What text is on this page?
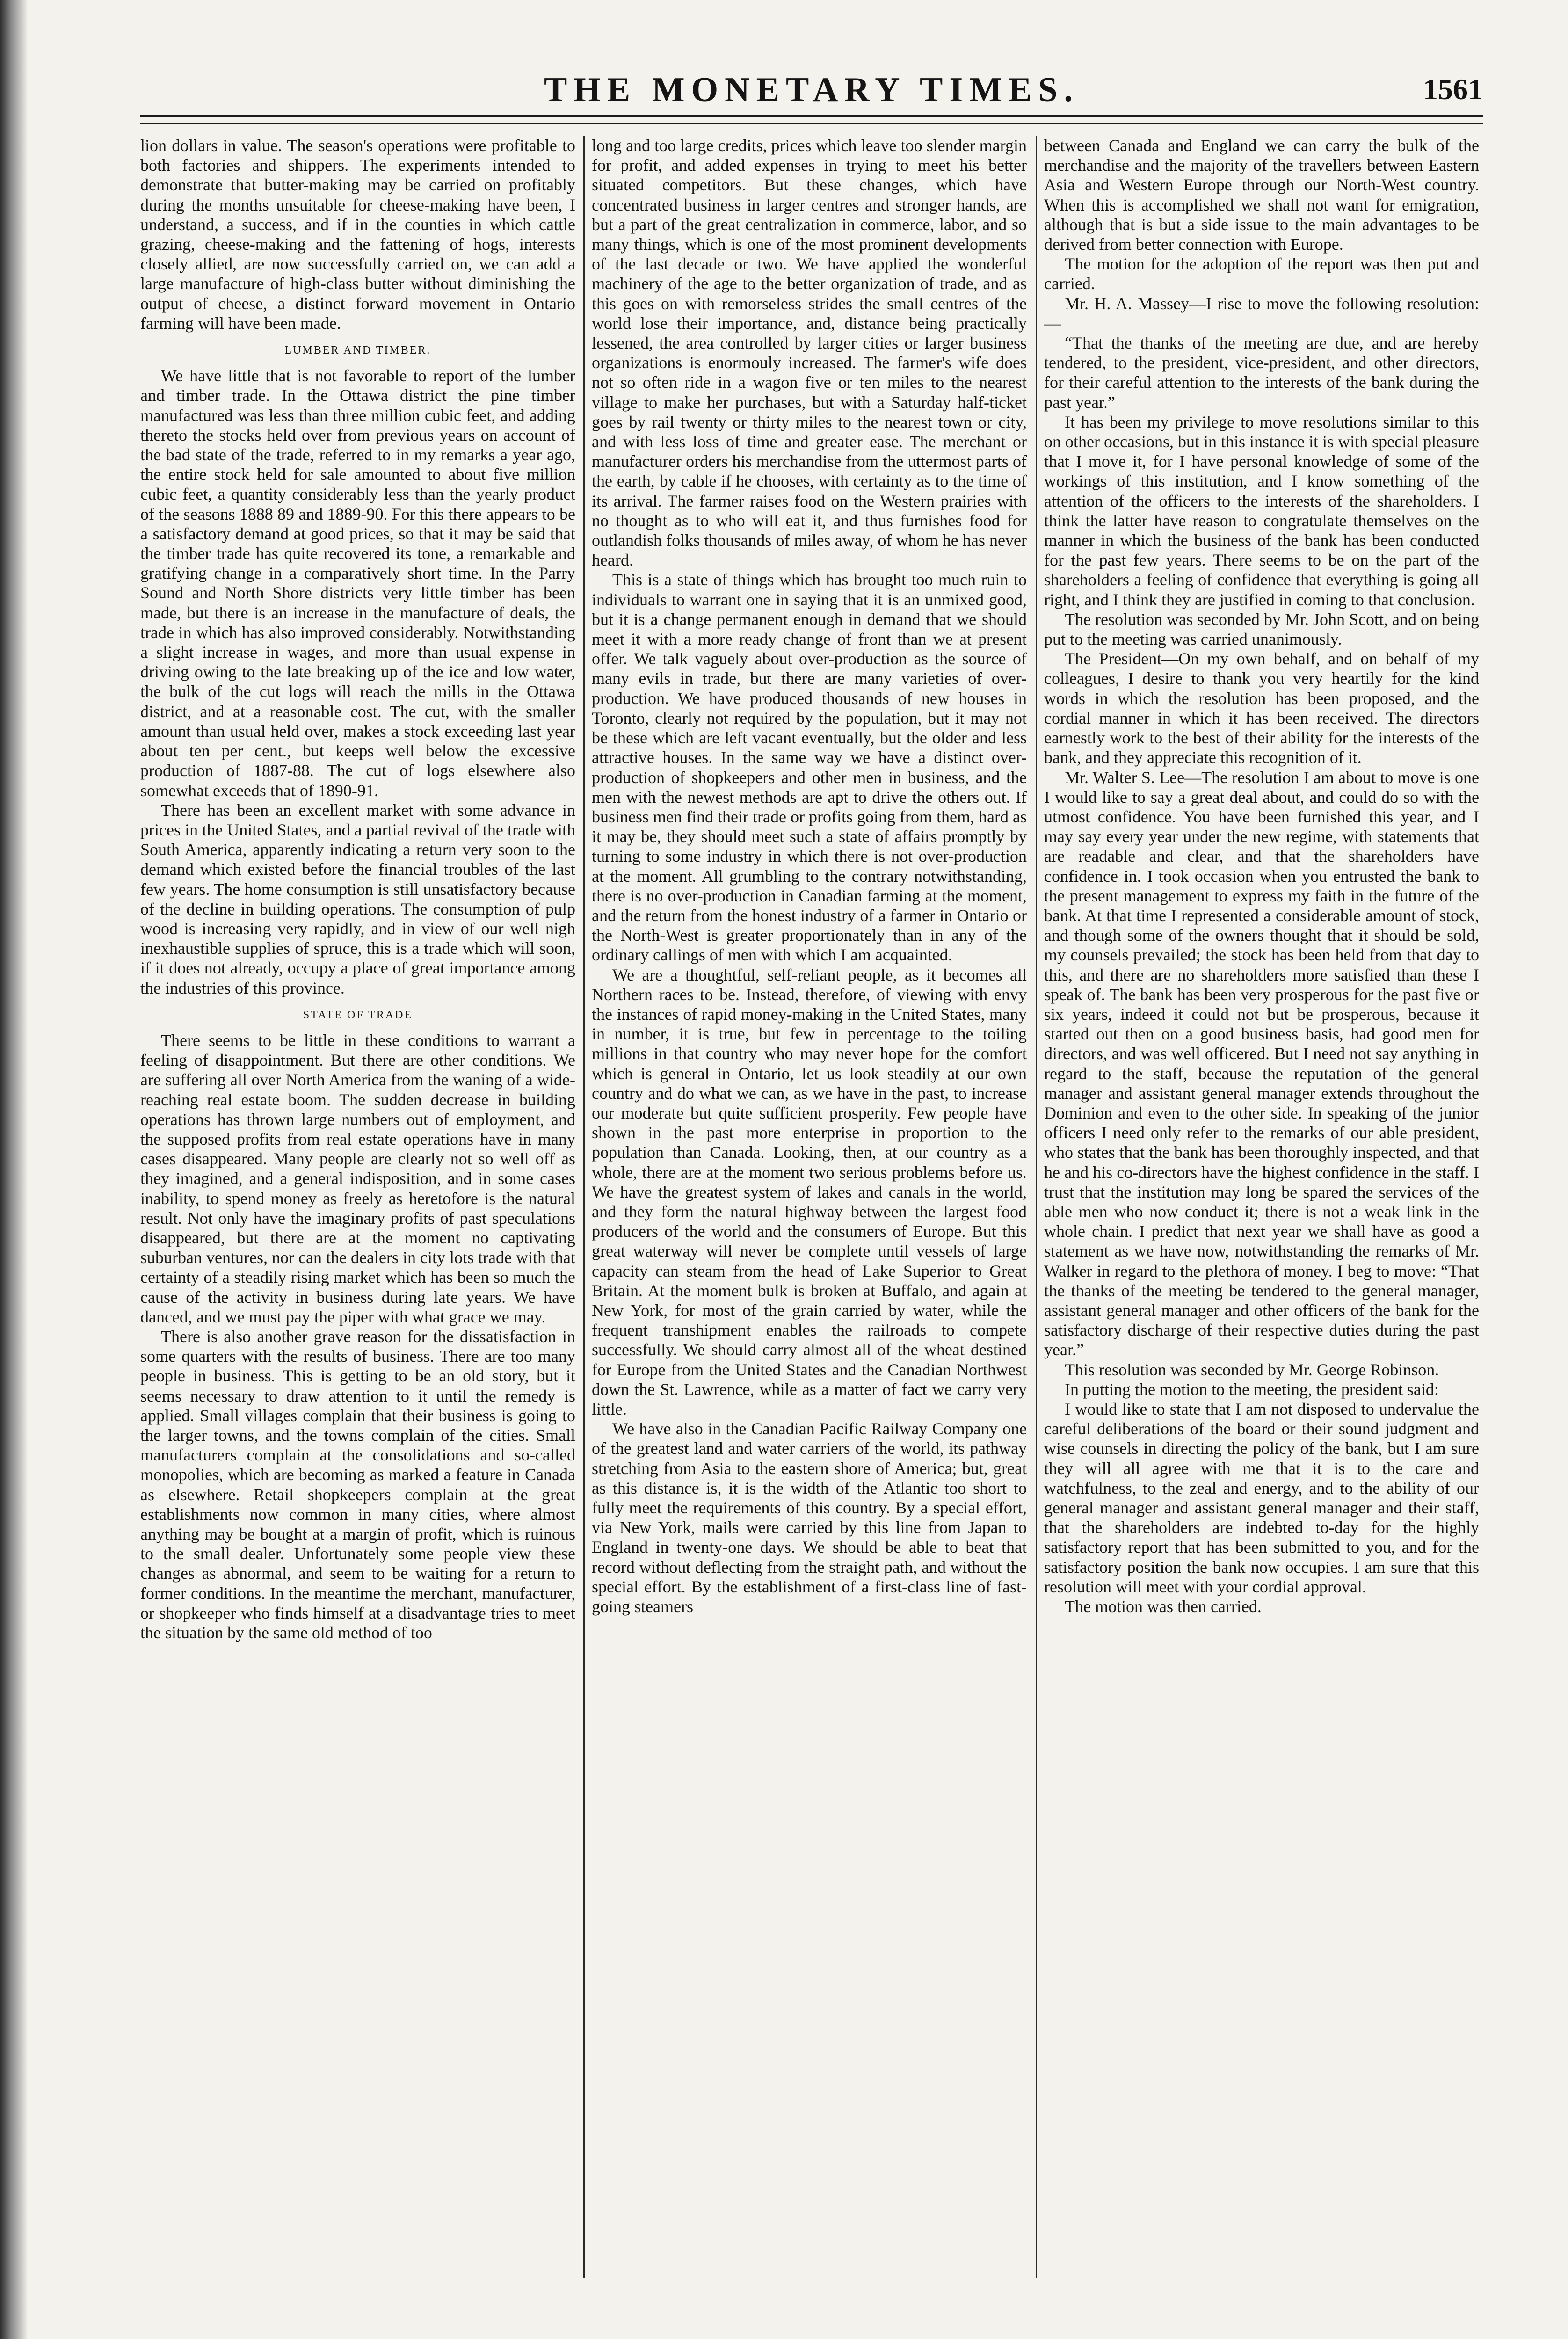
THE MONETARY TIMES.	1561

lion dollars in value. The season's operations were profitable to both factories and shippers. The experiments intended to demonstrate that butter-making may be carried on profitably during the months unsuitable for cheese-making have been, I understand, a success, and if in the counties in which cattle grazing, cheese-making and the fattening of hogs, interests closely allied, are now successfully carried on, we can add a large manufacture of high-class butter without diminishing the output of cheese, a distinct forward movement in Ontario farming will have been made.

LUMBER AND TIMBER.

We have little that is not favorable to report of the lumber and timber trade. In the Ottawa district the pine timber manufactured was less than three million cubic feet, and adding thereto the stocks held over from previous years on account of the bad state of the trade, referred to in my remarks a year ago, the entire stock held for sale amounted to about five million cubic feet, a quantity considerably less than the yearly product of the seasons 1888 89 and 1889-90. For this there appears to be a satisfactory demand at good prices, so that it may be said that the timber trade has quite recovered its tone, a remarkable and gratifying change in a comparatively short time. In the Parry Sound and North Shore districts very little timber has been made, but there is an increase in the manufacture of deals, the trade in which has also improved considerably. Notwithstanding a slight increase in wages, and more than usual expense in driving owing to the late breaking up of the ice and low water, the bulk of the cut logs will reach the mills in the Ottawa district, and at a reasonable cost. The cut, with the smaller amount than usual held over, makes a stock exceeding last year about ten per cent., but keeps well below the excessive production of 1887-88. The cut of logs elsewhere also somewhat exceeds that of 1890-91.

There has been an excellent market with some advance in prices in the United States, and a partial revival of the trade with South America, apparently indicating a return very soon to the demand which existed before the financial troubles of the last few years. The home consumption is still unsatisfactory because of the decline in building operations. The consumption of pulp wood is increasing very rapidly, and in view of our well nigh inexhaustible supplies of spruce, this is a trade which will soon, if it does not already, occupy a place of great importance among the industries of this province.

STATE OF TRADE

There seems to be little in these conditions to warrant a feeling of disappointment. But there are other conditions. We are suffering all over North America from the waning of a wide-reaching real estate boom. The sudden decrease in building operations has thrown large numbers out of employment, and the supposed profits from real estate operations have in many cases disappeared. Many people are clearly not so well off as they imagined, and a general indisposition, and in some cases inability, to spend money as freely as heretofore is the natural result. Not only have the imaginary profits of past speculations disappeared, but there are at the moment no captivating suburban ventures, nor can the dealers in city lots trade with that certainty of a steadily rising market which has been so much the cause of the activity in business during late years. We have danced, and we must pay the piper with what grace we may.

There is also another grave reason for the dissatisfaction in some quarters with the results of business. There are too many people in business. This is getting to be an old story, but it seems necessary to draw attention to it until the remedy is applied. Small villages complain that their business is going to the larger towns, and the towns complain of the cities. Small manufacturers complain at the consolidations and so-called monopolies, which are becoming as marked a feature in Canada as elsewhere. Retail shopkeepers complain at the great establishments now common in many cities, where almost anything may be bought at a margin of profit, which is ruinous to the small dealer. Unfortunately some people view these changes as abnormal, and seem to be waiting for a return to former conditions. In the meantime the merchant, manufacturer, or shopkeeper who finds himself at a disadvantage tries to meet the situation by the same old method of too

long and too large credits, prices which leave too slender margin for profit, and added expenses in trying to meet his better situated competitors. But these changes, which have concentrated business in larger centres and stronger hands, are but a part of the great centralization in commerce, labor, and so many things, which is one of the most prominent developments of the last decade or two. We have applied the wonderful machinery of the age to the better organization of trade, and as this goes on with remorseless strides the small centres of the world lose their importance, and, distance being practically lessened, the area controlled by larger cities or larger business organizations is enormouly increased. The farmer's wife does not so often ride in a wagon five or ten miles to the nearest village to make her purchases, but with a Saturday half-ticket goes by rail twenty or thirty miles to the nearest town or city, and with less loss of time and greater ease. The merchant or manufacturer orders his merchandise from the uttermost parts of the earth, by cable if he chooses, with certainty as to the time of its arrival. The farmer raises food on the Western prairies with no thought as to who will eat it, and thus furnishes food for outlandish folks thousands of miles away, of whom he has never heard.

This is a state of things which has brought too much ruin to individuals to warrant one in saying that it is an unmixed good, but it is a change permanent enough in demand that we should meet it with a more ready change of front than we at present offer. We talk vaguely about over-production as the source of many evils in trade, but there are many varieties of over-production. We have produced thousands of new houses in Toronto, clearly not required by the population, but it may not be these which are left vacant eventually, but the older and less attractive houses. In the same way we have a distinct over-production of shopkeepers and other men in business, and the men with the newest methods are apt to drive the others out. If business men find their trade or profits going from them, hard as it may be, they should meet such a state of affairs promptly by turning to some industry in which there is not over-production at the moment. All grumbling to the contrary notwithstanding, there is no over-production in Canadian farming at the moment, and the return from the honest industry of a farmer in Ontario or the North-West is greater proportionately than in any of the ordinary callings of men with which I am acquainted.

We are a thoughtful, self-reliant people, as it becomes all Northern races to be. Instead, therefore, of viewing with envy the instances of rapid money-making in the United States, many in number, it is true, but few in percentage to the toiling millions in that country who may never hope for the comfort which is general in Ontario, let us look steadily at our own country and do what we can, as we have in the past, to increase our moderate but quite sufficient prosperity. Few people have shown in the past more enterprise in proportion to the population than Canada. Looking, then, at our country as a whole, there are at the moment two serious problems before us. We have the greatest system of lakes and canals in the world, and they form the natural highway between the largest food producers of the world and the consumers of Europe. But this great waterway will never be complete until vessels of large capacity can steam from the head of Lake Superior to Great Britain. At the moment bulk is broken at Buffalo, and again at New York, for most of the grain carried by water, while the frequent transhipment enables the railroads to compete successfully. We should carry almost all of the wheat destined for Europe from the United States and the Canadian Northwest down the St. Lawrence, while as a matter of fact we carry very little.

We have also in the Canadian Pacific Railway Company one of the greatest land and water carriers of the world, its pathway stretching from Asia to the eastern shore of America; but, great as this distance is, it is the width of the Atlantic too short to fully meet the requirements of this country. By a special effort, via New York, mails were carried by this line from Japan to England in twenty-one days. We should be able to beat that record without deflecting from the straight path, and without the special effort. By the establishment of a first-class line of fast-going steamers

between Canada and England we can carry the bulk of the merchandise and the majority of the travellers between Eastern Asia and Western Europe through our North-West country. When this is accomplished we shall not want for emigration, although that is but a side issue to the main advantages to be derived from better connection with Europe.

The motion for the adoption of the report was then put and carried.

Mr. H. A. Massey—I rise to move the following resolution:—

“That the thanks of the meeting are due, and are hereby tendered, to the president, vice-president, and other directors, for their careful attention to the interests of the bank during the past year.”

It has been my privilege to move resolutions similar to this on other occasions, but in this instance it is with special pleasure that I move it, for I have personal knowledge of some of the workings of this institution, and I know something of the attention of the officers to the interests of the shareholders. I think the latter have reason to congratulate themselves on the manner in which the business of the bank has been conducted for the past few years. There seems to be on the part of the shareholders a feeling of confidence that everything is going all right, and I think they are justified in coming to that conclusion.

The resolution was seconded by Mr. John Scott, and on being put to the meeting was carried unanimously.

The President—On my own behalf, and on behalf of my colleagues, I desire to thank you very heartily for the kind words in which the resolution has been proposed, and the cordial manner in which it has been received. The directors earnestly work to the best of their ability for the interests of the bank, and they appreciate this recognition of it.

Mr. Walter S. Lee—The resolution I am about to move is one I would like to say a great deal about, and could do so with the utmost confidence. You have been furnished this year, and I may say every year under the new regime, with statements that are readable and clear, and that the shareholders have confidence in. I took occasion when you entrusted the bank to the present management to express my faith in the future of the bank. At that time I represented a considerable amount of stock, and though some of the owners thought that it should be sold, my counsels prevailed; the stock has been held from that day to this, and there are no shareholders more satisfied than these I speak of. The bank has been very prosperous for the past five or six years, indeed it could not but be prosperous, because it started out then on a good business basis, had good men for directors, and was well officered. But I need not say anything in regard to the staff, because the reputation of the general manager and assistant general manager extends throughout the Dominion and even to the other side. In speaking of the junior officers I need only refer to the remarks of our able president, who states that the bank has been thoroughly inspected, and that he and his co-directors have the highest confidence in the staff. I trust that the institution may long be spared the services of the able men who now conduct it; there is not a weak link in the whole chain. I predict that next year we shall have as good a statement as we have now, notwithstanding the remarks of Mr. Walker in regard to the plethora of money. I beg to move: “That the thanks of the meeting be tendered to the general manager, assistant general manager and other officers of the bank for the satisfactory discharge of their respective duties during the past year.”

This resolution was seconded by Mr. George Robinson.

In putting the motion to the meeting, the president said:

I would like to state that I am not disposed to undervalue the careful deliberations of the board or their sound judgment and wise counsels in directing the policy of the bank, but I am sure they will all agree with me that it is to the care and watchfulness, to the zeal and energy, and to the ability of our general manager and assistant general manager and their staff, that the shareholders are indebted to-day for the highly satisfactory report that has been submitted to you, and for the satisfactory position the bank now occupies. I am sure that this resolution will meet with your cordial approval.

The motion was then carried.
